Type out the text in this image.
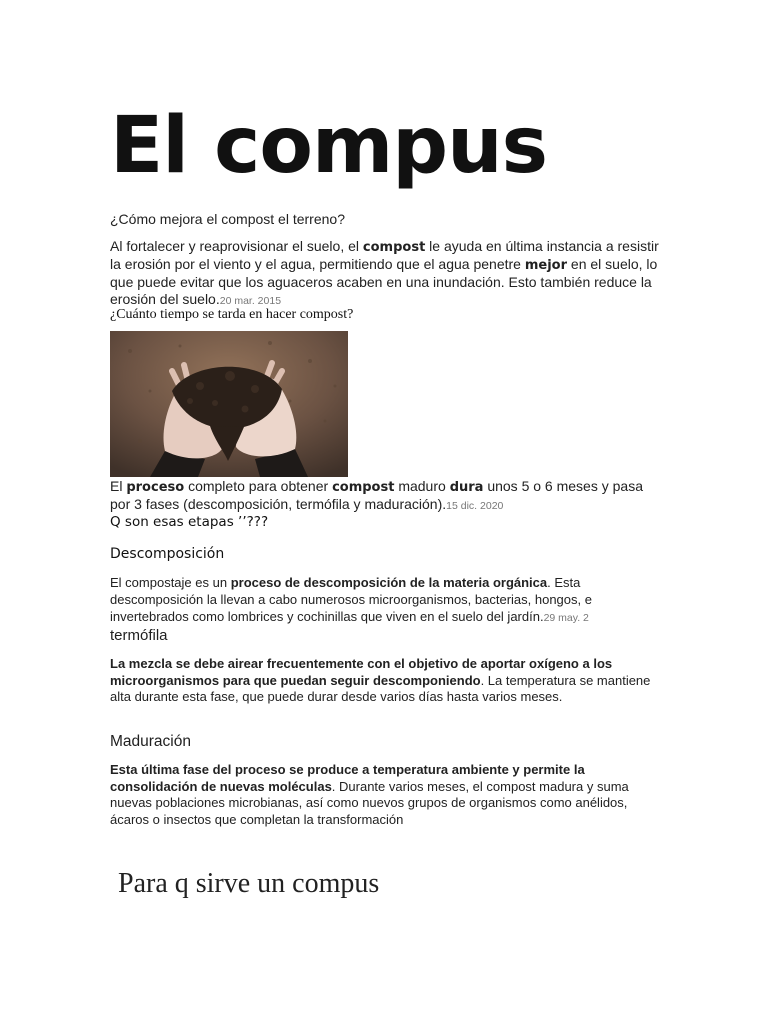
El compus
¿Cómo mejora el compost el terreno?
Al fortalecer y reaprovisionar el suelo, el compost le ayuda en última instancia a resistir la erosión por el viento y el agua, permitiendo que el agua penetre mejor en el suelo, lo que puede evitar que los aguaceros acaben en una inundación. Esto también reduce la erosión del suelo.20 mar. 2015
¿Cuánto tiempo se tarda en hacer compost?
El proceso completo para obtener compost maduro dura unos 5 o 6 meses y pasa por 3 fases (descomposición, termófila y maduración).15 dic. 2020
Q son esas etapas ’’???
Descomposición
El compostaje es un proceso de descomposición de la materia orgánica. Esta descomposición la llevan a cabo numerosos microorganismos, bacterias, hongos, e invertebrados como lombrices y cochinillas que viven en el suelo del jardín.29 may. 2
termófila
La mezcla se debe airear frecuentemente con el objetivo de aportar oxígeno a los microorganismos para que puedan seguir descomponiendo. La temperatura se mantiene alta durante esta fase, que puede durar desde varios días hasta varios meses.
Maduración
Esta última fase del proceso se produce a temperatura ambiente y permite la consolidación de nuevas moléculas. Durante varios meses, el compost madura y suma nuevas poblaciones microbianas, así como nuevos grupos de organismos como anélidos, ácaros o insectos que completan la transformación
Para q sirve un compus
